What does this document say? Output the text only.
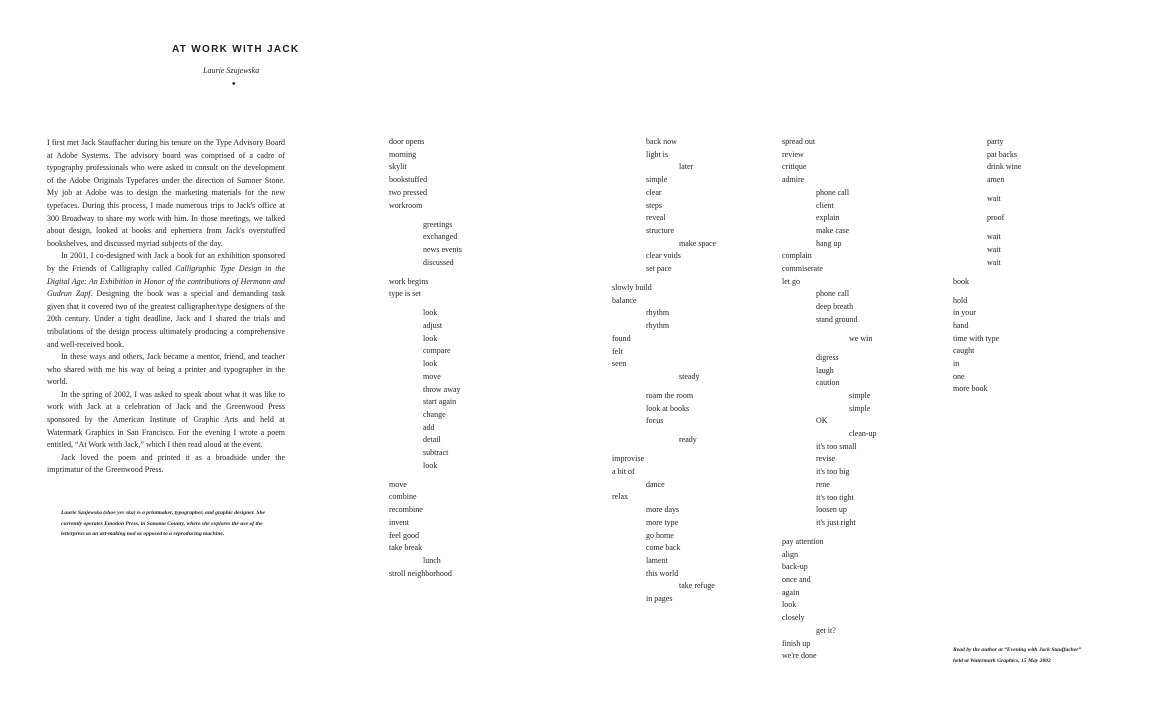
AT WORK WITH JACK
Laurie Szujewska
•

I first met Jack Stauffacher during his tenure on the Type Advisory Board at Adobe Systems. The advisory board was comprised of a cadre of typography professionals who were asked to consult on the development of the Adobe Originals Typefaces under the direction of Sumner Stone. My job at Adobe was to design the marketing materials for the new typefaces. During this process, I made numerous trips to Jack's office at 300 Broadway to share my work with him. In those meetings, we talked about design, looked at books and ephemera from Jack's overstuffed bookshelves, and discussed myriad subjects of the day.

In 2001, I co-designed with Jack a book for an exhibition sponsored by the Friends of Calligraphy called Calligraphic Type Design in the Digital Age: An Exhibition in Honor of the contributions of Hermann and Gudrun Zapf. Designing the book was a special and demanding task given that it covered two of the greatest calligrapher/type designers of the 20th century. Under a tight deadline, Jack and I shared the trials and tribulations of the design process ultimately producing a comprehensive and well-received book.

In these ways and others, Jack became a mentor, friend, and teacher who shared with me his way of being a printer and typographer in the world.

In the spring of 2002, I was asked to speak about what it was like to work with Jack at a celebration of Jack and the Greenwood Press sponsored by the American Institute of Graphic Arts and held at Watermark Graphics in San Francisco. For the evening I wrote a poem entitled, “At Work with Jack,” which I then read aloud at the event.

Jack loved the poem and printed it as a broadside under the imprimatur of the Greenwood Press.

Laurie Szujewska (shoe yev ska) is a printmaker, typographer, and graphic designer. She currently operates Emotion Press, in Sonoma County, where she explores the use of the letterpress as an art-making tool as opposed to a reproducing machine.
door opens
morning
skylit
bookstuffed
two pressed
workroom
greetings
exchanged
news events
discussed
work begins
type is set
look
adjust
look
compare
look
move
throw away
start again
change
add
detail
subtract
look
move
combine
recombine
invent
feel good
take break
lunch
stroll neighborhood
back now
light is
later
simple
clear
steps
reveal
structure
make space
clear voids
set pace
slowly build
balance
rhythm
rhythm
found
felt
seen
steady
roam the room
look at books
focus
ready
improvise
a bit of
dance
relax
more days
more type
go home
come back
lament
this world
take refuge
in pages
spread out
review
critique
admire
phone call
client
explain
make case
hang up
complain
commiserate
let go
phone call
deep breath
stand ground
we win
digress
laugh
caution
simple
simple
OK
clean-up
it's too small
revise
it's too big
rene
it's too tight
loosen up
it's just right
pay attention
align
back-up
once and
again
look
closely
get it?
finish up
we're done
party
pat backs
drink wine
amen
wait
proof
wait
wait
wait
book
hold
in your
hand
time with type
caught
in
one
more book
Read by the author at “Evening with Jack Stauffacher”
held at Watermark Graphics, 15 May 2002
